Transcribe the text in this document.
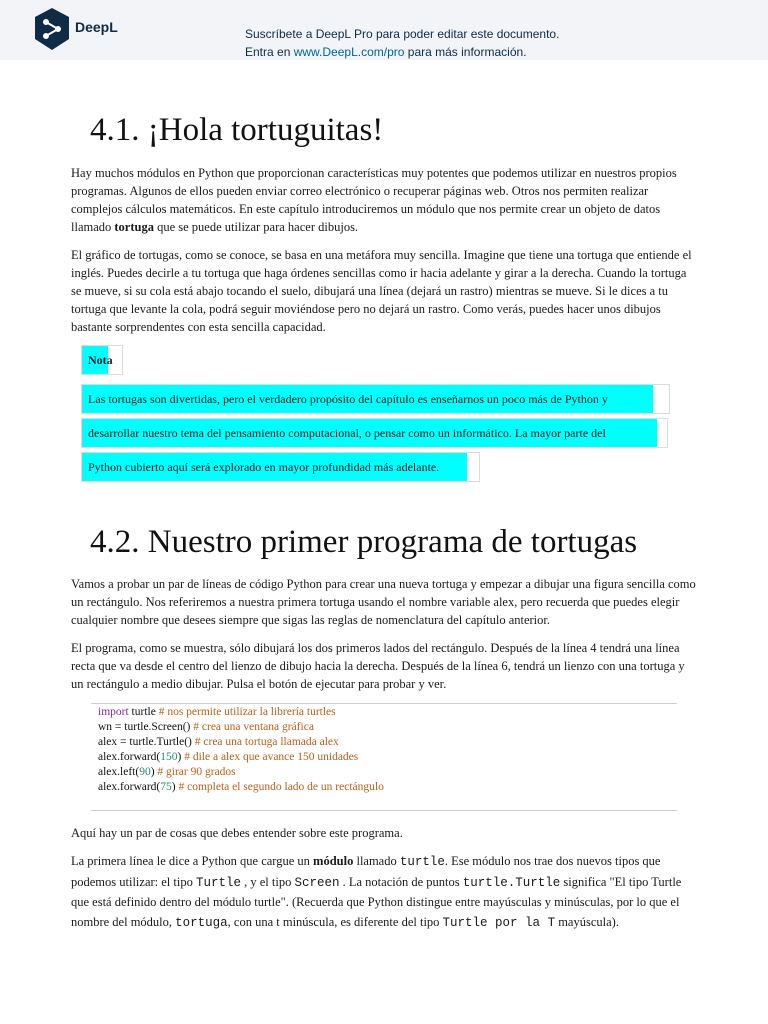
DeepL	Suscríbete a DeepL Pro para poder editar este documento.
Entra en www.DeepL.com/pro para más información.
4.1. ¡Hola tortuguitas!

Hay muchos módulos en Python que proporcionan características muy potentes que podemos utilizar en nuestros propios programas. Algunos de ellos pueden enviar correo electrónico o recuperar páginas web. Otros nos permiten realizar complejos cálculos matemáticos. En este capítulo introduciremos un módulo que nos permite crear un objeto de datos llamado tortuga que se puede utilizar para hacer dibujos.

El gráfico de tortugas, como se conoce, se basa en una metáfora muy sencilla. Imagine que tiene una tortuga que entiende el inglés. Puedes decirle a tu tortuga que haga órdenes sencillas como ir hacia adelante y girar a la derecha. Cuando la tortuga se mueve, si su cola está abajo tocando el suelo, dibujará una línea (dejará un rastro) mientras se mueve. Si le dices a tu tortuga que levante la cola, podrá seguir moviéndose pero no dejará un rastro. Como verás, puedes hacer unos dibujos bastante sorprendentes con esta sencilla capacidad.

Nota
Las tortugas son divertidas, pero el verdadero propósito del capítulo es enseñarnos un poco más de Python y
desarrollar nuestro tema del pensamiento computacional, o pensar como un informático. La mayor parte del
Python cubierto aquí será explorado en mayor profundidad más adelante.
4.2. Nuestro primer programa de tortugas

Vamos a probar un par de líneas de código Python para crear una nueva tortuga y empezar a dibujar una figura sencilla como un rectángulo. Nos referiremos a nuestra primera tortuga usando el nombre variable alex, pero recuerda que puedes elegir cualquier nombre que desees siempre que sigas las reglas de nomenclatura del capítulo anterior.

El programa, como se muestra, sólo dibujará los dos primeros lados del rectángulo. Después de la línea 4 tendrá una línea recta que va desde el centro del lienzo de dibujo hacia la derecha. Después de la línea 6, tendrá un lienzo con una tortuga y un rectángulo a medio dibujar. Pulsa el botón de ejecutar para probar y ver.

import turtle # nos permite utilizar la librería turtles
wn = turtle.Screen() # crea una ventana gráfica
alex = turtle.Turtle() # crea una tortuga llamada alex
alex.forward(150) # dile a alex que avance 150 unidades
alex.left(90) # girar 90 grados
alex.forward(75) # completa el segundo lado de un rectángulo

Aquí hay un par de cosas que debes entender sobre este programa.

La primera línea le dice a Python que cargue un módulo llamado turtle. Ese módulo nos trae dos nuevos tipos que podemos utilizar: el tipo Turtle , y el tipo Screen . La notación de puntos turtle.Turtle significa "El tipo Turtle que está definido dentro del módulo turtle". (Recuerda que Python distingue entre mayúsculas y minúsculas, por lo que el nombre del módulo, tortuga, con una t minúscula, es diferente del tipo Turtle por la T mayúscula).
